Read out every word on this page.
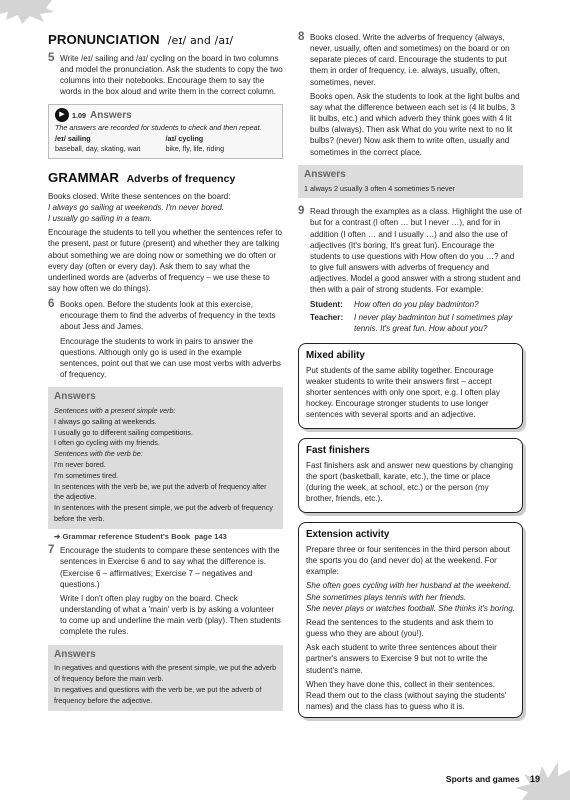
PRONUNCIATION /eɪ/ and /aɪ/
5 Write /eɪ/ sailing and /aɪ/ cycling on the board in two columns and model the pronunciation. Ask the students to copy the two columns into their notebooks. Encourage them to say the words in the box aloud and write them in the correct column.

▶	1.09 Answers
The answers are recorded for students to check and then repeat.
/eɪ/ sailing	/aɪ/ cycling
baseball, day, skating, wait	bike, fly, life, riding
GRAMMAR Adverbs of frequency

Books closed. Write these sentences on the board:

I always go sailing at weekends. I'm never bored.

I usually go sailing in a team.

Encourage the students to tell you whether the sentences refer to the present, past or future (present) and whether they are talking about something we are doing now or something we do often or every day (often or every day). Ask them to say what the underlined words are (adverbs of frequency – we use these to say how often we do things).

6 Books open. Before the students look at this exercise, encourage them to find the adverbs of frequency in the texts about Jess and James.

Encourage the students to work in pairs to answer the questions. Although only go is used in the example sentences, point out that we can use most verbs with adverbs of frequency.

Answers

Sentences with a present simple verb:

I always go sailing at weekends.

I usually go to different sailing competitions.

I often go cycling with my friends.

Sentences with the verb be:

I'm never bored.

I'm sometimes tired.

In sentences with the verb be, we put the adverb of frequency after the adjective.

In sentences with the present simple, we put the adverb of frequency before the verb.

➔ Grammar reference Student's Book page 143
7 Encourage the students to compare these sentences with the sentences in Exercise 6 and to say what the difference is. (Exercise 6 – affirmatives; Exercise 7 – negatives and questions.)

Write I don't often play rugby on the board. Check understanding of what a 'main' verb is by asking a volunteer to come up and underline the main verb (play). Then students complete the rules.

Answers

In negatives and questions with the present simple, we put the adverb of frequency before the main verb.

In negatives and questions with the verb be, we put the adverb of frequency before the adjective.

8 Books closed. Write the adverbs of frequency (always, never, usually, often and sometimes) on the board or on separate pieces of card. Encourage the students to put them in order of frequency, i.e. always, usually, often, sometimes, never.

Books open. Ask the students to look at the light bulbs and say what the difference between each set is (4 lit bulbs, 3 lit bulbs, etc.) and which adverb they think goes with 4 lit bulbs (always). Then ask What do you write next to no lit bulbs? (never) Now ask them to write often, usually and sometimes in the correct place.

Answers

1 always 2 usually 3 often 4 sometimes 5 never

9 Read through the examples as a class. Highlight the use of but for a contrast (I often … but I never …), and for in addition (I often … and I usually …) and also the use of adjectives (It's boring, It's great fun). Encourage the students to use questions with How often do you …? and to give full answers with adverbs of frequency and adjectives. Model a good answer with a strong student and then with a pair of strong students. For example:

Student:	How often do you play badminton?
Teacher:	I never play badminton but I sometimes play tennis. It's great fun. How about you?
Mixed ability

Put students of the same ability together. Encourage weaker students to write their answers first – accept shorter sentences with only one sport, e.g. I often play hockey. Encourage stronger students to use longer sentences with several sports and an adjective.

Fast finishers

Fast finishers ask and answer new questions by changing the sport (basketball, karate, etc.), the time or place (during the week, at school, etc.) or the person (my brother, friends, etc.).

Extension activity

Prepare three or four sentences in the third person about the sports you do (and never do) at the weekend. For example:

She often goes cycling with her husband at the weekend.

She sometimes plays tennis with her friends.

She never plays or watches football. She thinks it's boring.

Read the sentences to the students and ask them to guess who they are about (you!).

Ask each student to write three sentences about their partner's answers to Exercise 9 but not to write the student's name.

When they have done this, collect in their sentences. Read them out to the class (without saying the students' names) and the class has to guess who it is.

Sports and games 19
